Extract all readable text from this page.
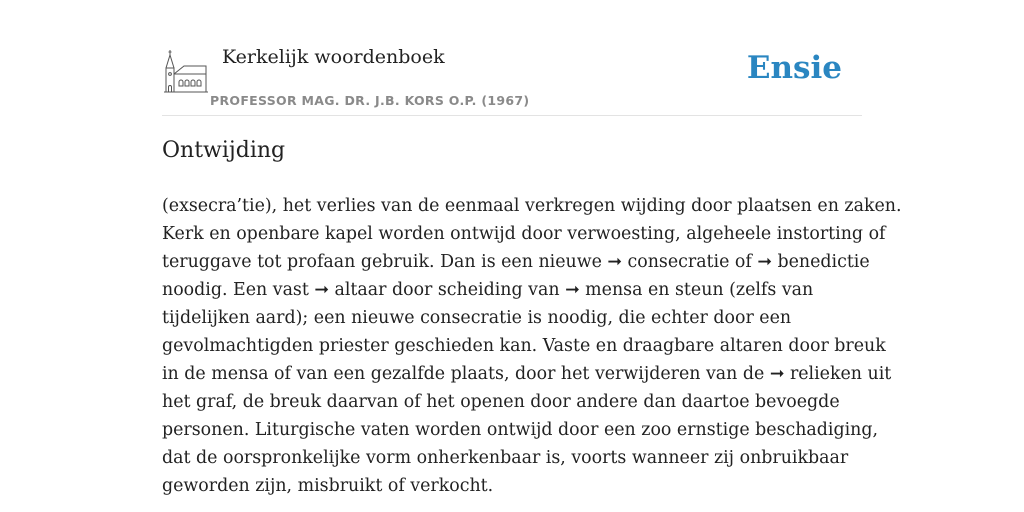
Kerkelijk woordenboek
PROFESSOR MAG. DR. J.B. KORS O.P. (1967)
Ensie
Ontwijding
(exsecra’tie), het verlies van de eenmaal verkregen wijding door plaatsen en zaken.
Kerk en openbare kapel worden ontwijd door verwoesting, algeheele instorting of
teruggave tot profaan gebruik. Dan is een nieuwe ➞ consecratie of ➞ benedictie
noodig. Een vast ➞ altaar door scheiding van ➞ mensa en steun (zelfs van
tijdelijken aard); een nieuwe consecratie is noodig, die echter door een
gevolmachtigden priester geschieden kan. Vaste en draagbare altaren door breuk
in de mensa of van een gezalfde plaats, door het verwijderen van de ➞ relieken uit
het graf, de breuk daarvan of het openen door andere dan daartoe bevoegde
personen. Liturgische vaten worden ontwijd door een zoo ernstige beschadiging,
dat de oorspronkelijke vorm onherkenbaar is, voorts wanneer zij onbruikbaar
geworden zijn, misbruikt of verkocht.
